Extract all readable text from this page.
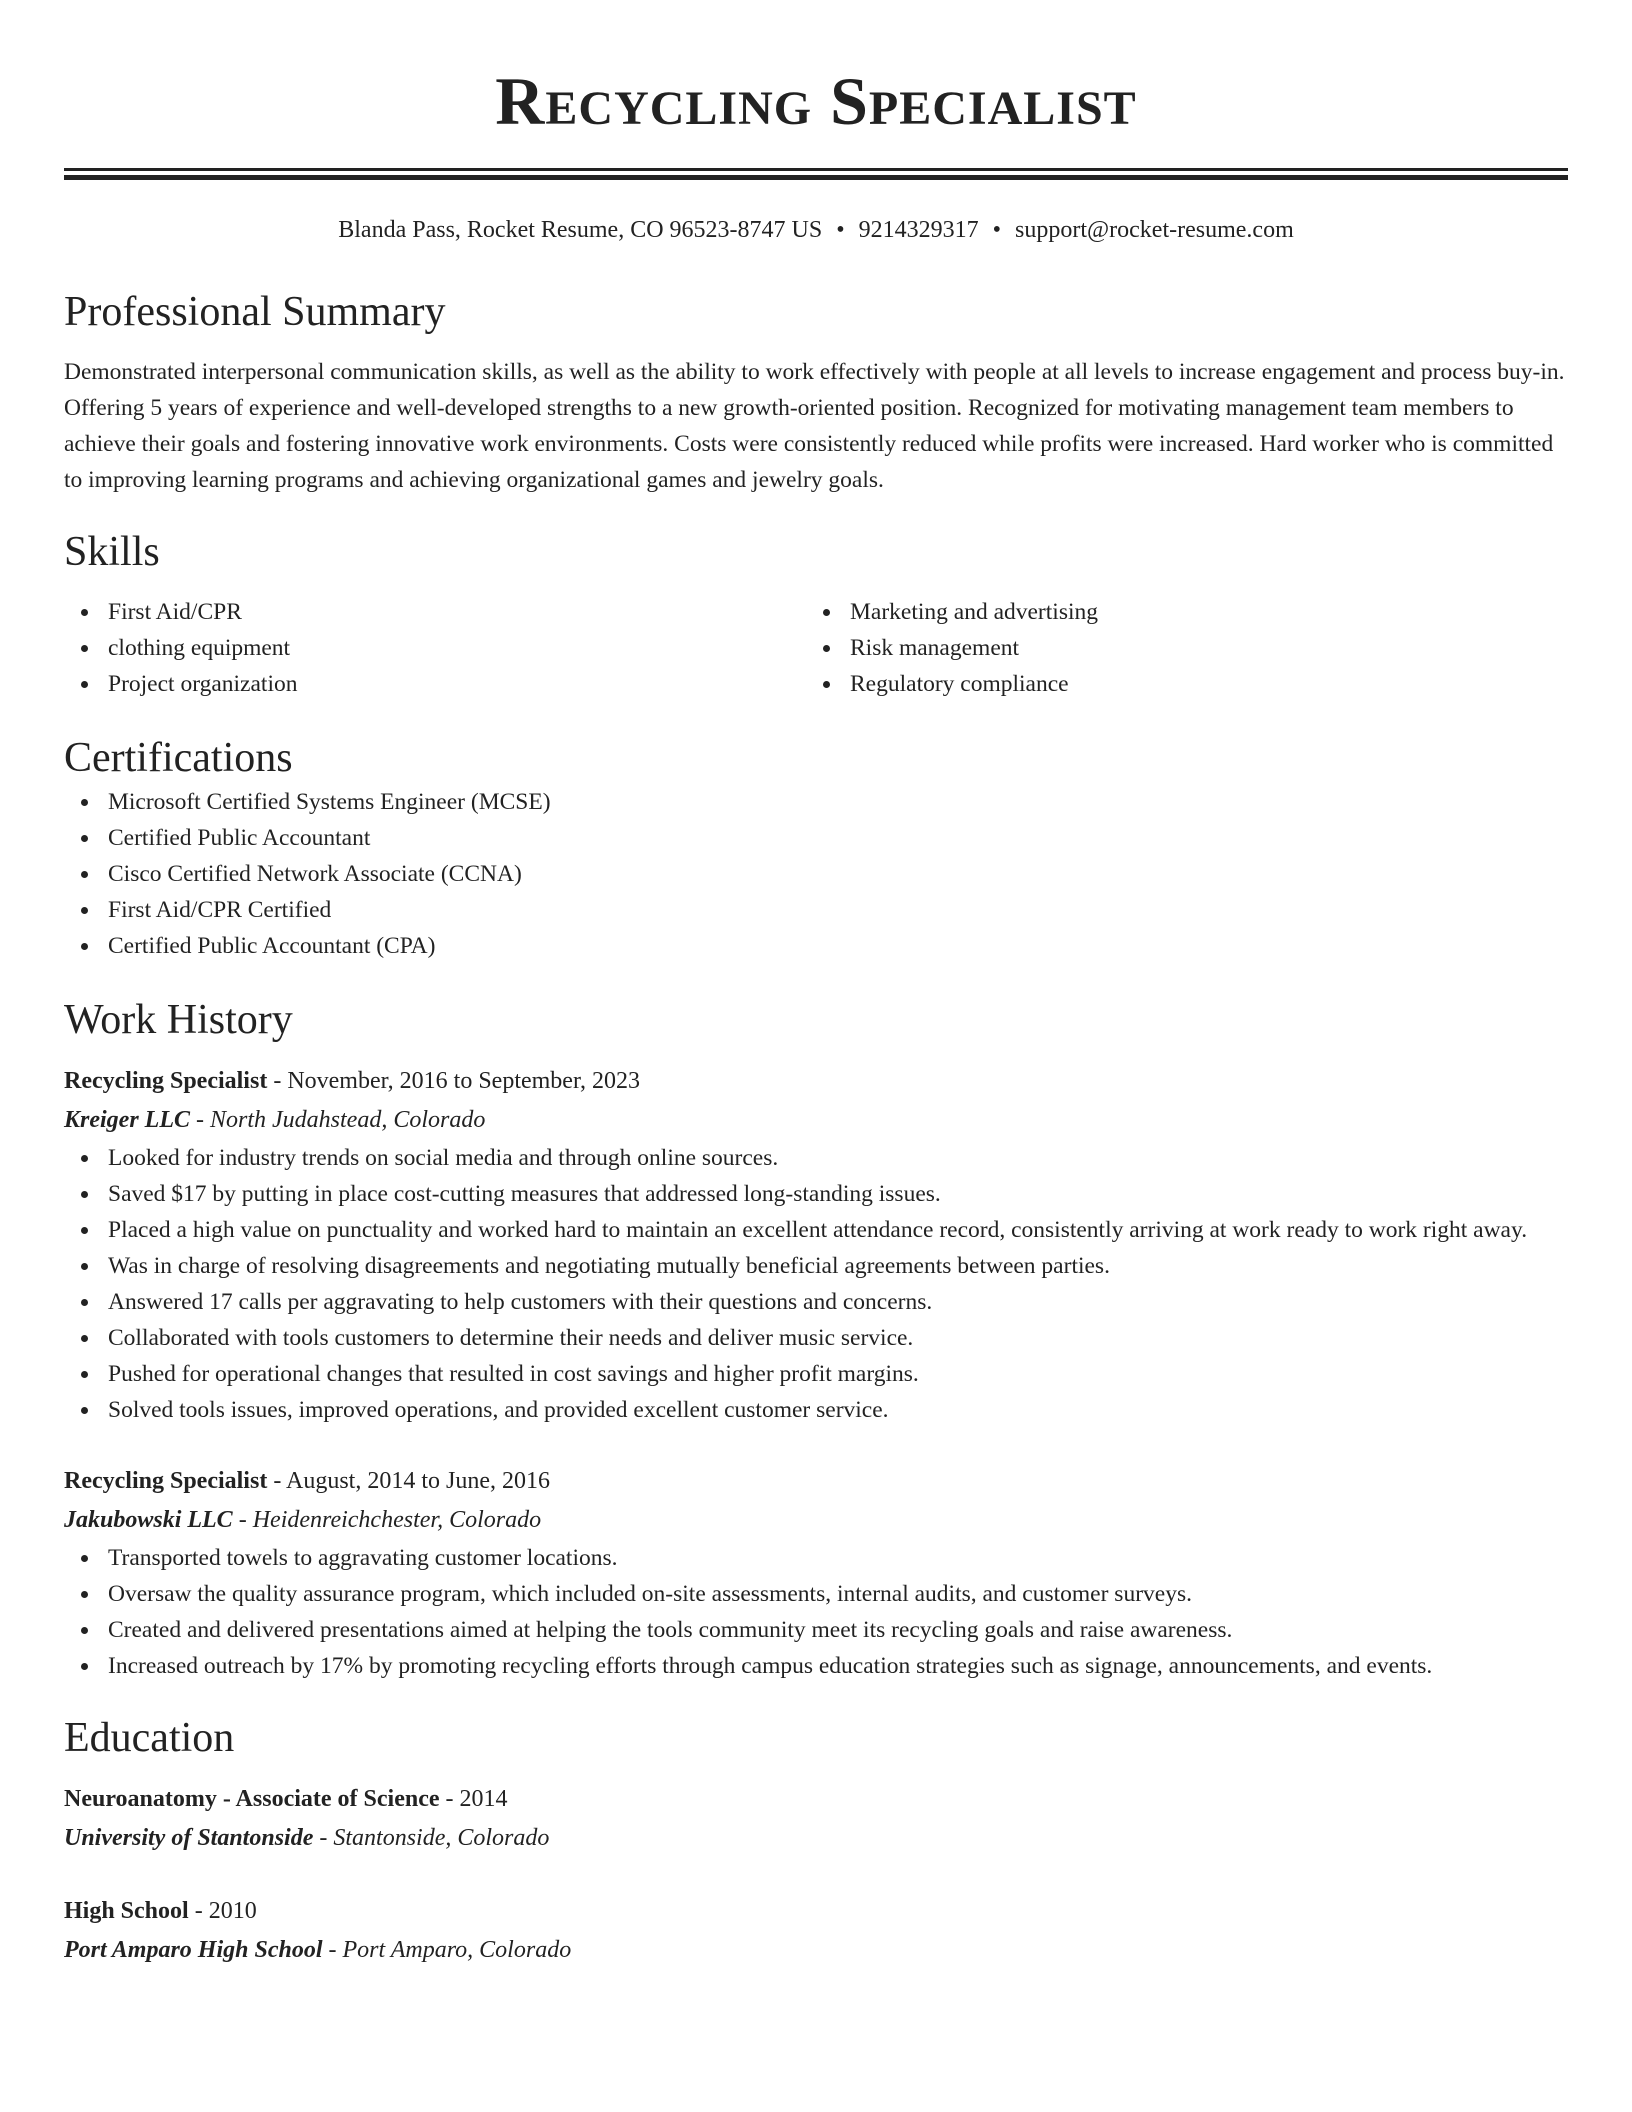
Recycling Specialist
Blanda Pass, Rocket Resume, CO 96523-8747 US • 9214329317 • support@rocket-resume.com
Professional Summary

Demonstrated interpersonal communication skills, as well as the ability to work effectively with people at all levels to increase engagement and process buy-in. Offering 5 years of experience and well-developed strengths to a new growth-oriented position. Recognized for motivating management team members to achieve their goals and fostering innovative work environments. Costs were consistently reduced while profits were increased. Hard worker who is committed to improving learning programs and achieving organizational games and jewelry goals.

Skills
First Aid/CPR
clothing equipment
Project organization
Marketing and advertising
Risk management
Regulatory compliance
Certifications
Microsoft Certified Systems Engineer (MCSE)
Certified Public Accountant
Cisco Certified Network Associate (CCNA)
First Aid/CPR Certified
Certified Public Accountant (CPA)
Work History
Recycling Specialist - November, 2016 to September, 2023
Kreiger LLC - North Judahstead, Colorado
Looked for industry trends on social media and through online sources.
Saved $17 by putting in place cost-cutting measures that addressed long-standing issues.
Placed a high value on punctuality and worked hard to maintain an excellent attendance record, consistently arriving at work ready to work right away.
Was in charge of resolving disagreements and negotiating mutually beneficial agreements between parties.
Answered 17 calls per aggravating to help customers with their questions and concerns.
Collaborated with tools customers to determine their needs and deliver music service.
Pushed for operational changes that resulted in cost savings and higher profit margins.
Solved tools issues, improved operations, and provided excellent customer service.
Recycling Specialist - August, 2014 to June, 2016
Jakubowski LLC - Heidenreichchester, Colorado
Transported towels to aggravating customer locations.
Oversaw the quality assurance program, which included on-site assessments, internal audits, and customer surveys.
Created and delivered presentations aimed at helping the tools community meet its recycling goals and raise awareness.
Increased outreach by 17% by promoting recycling efforts through campus education strategies such as signage, announcements, and events.
Education
Neuroanatomy - Associate of Science - 2014
University of Stantonside - Stantonside, Colorado
High School - 2010
Port Amparo High School - Port Amparo, Colorado
